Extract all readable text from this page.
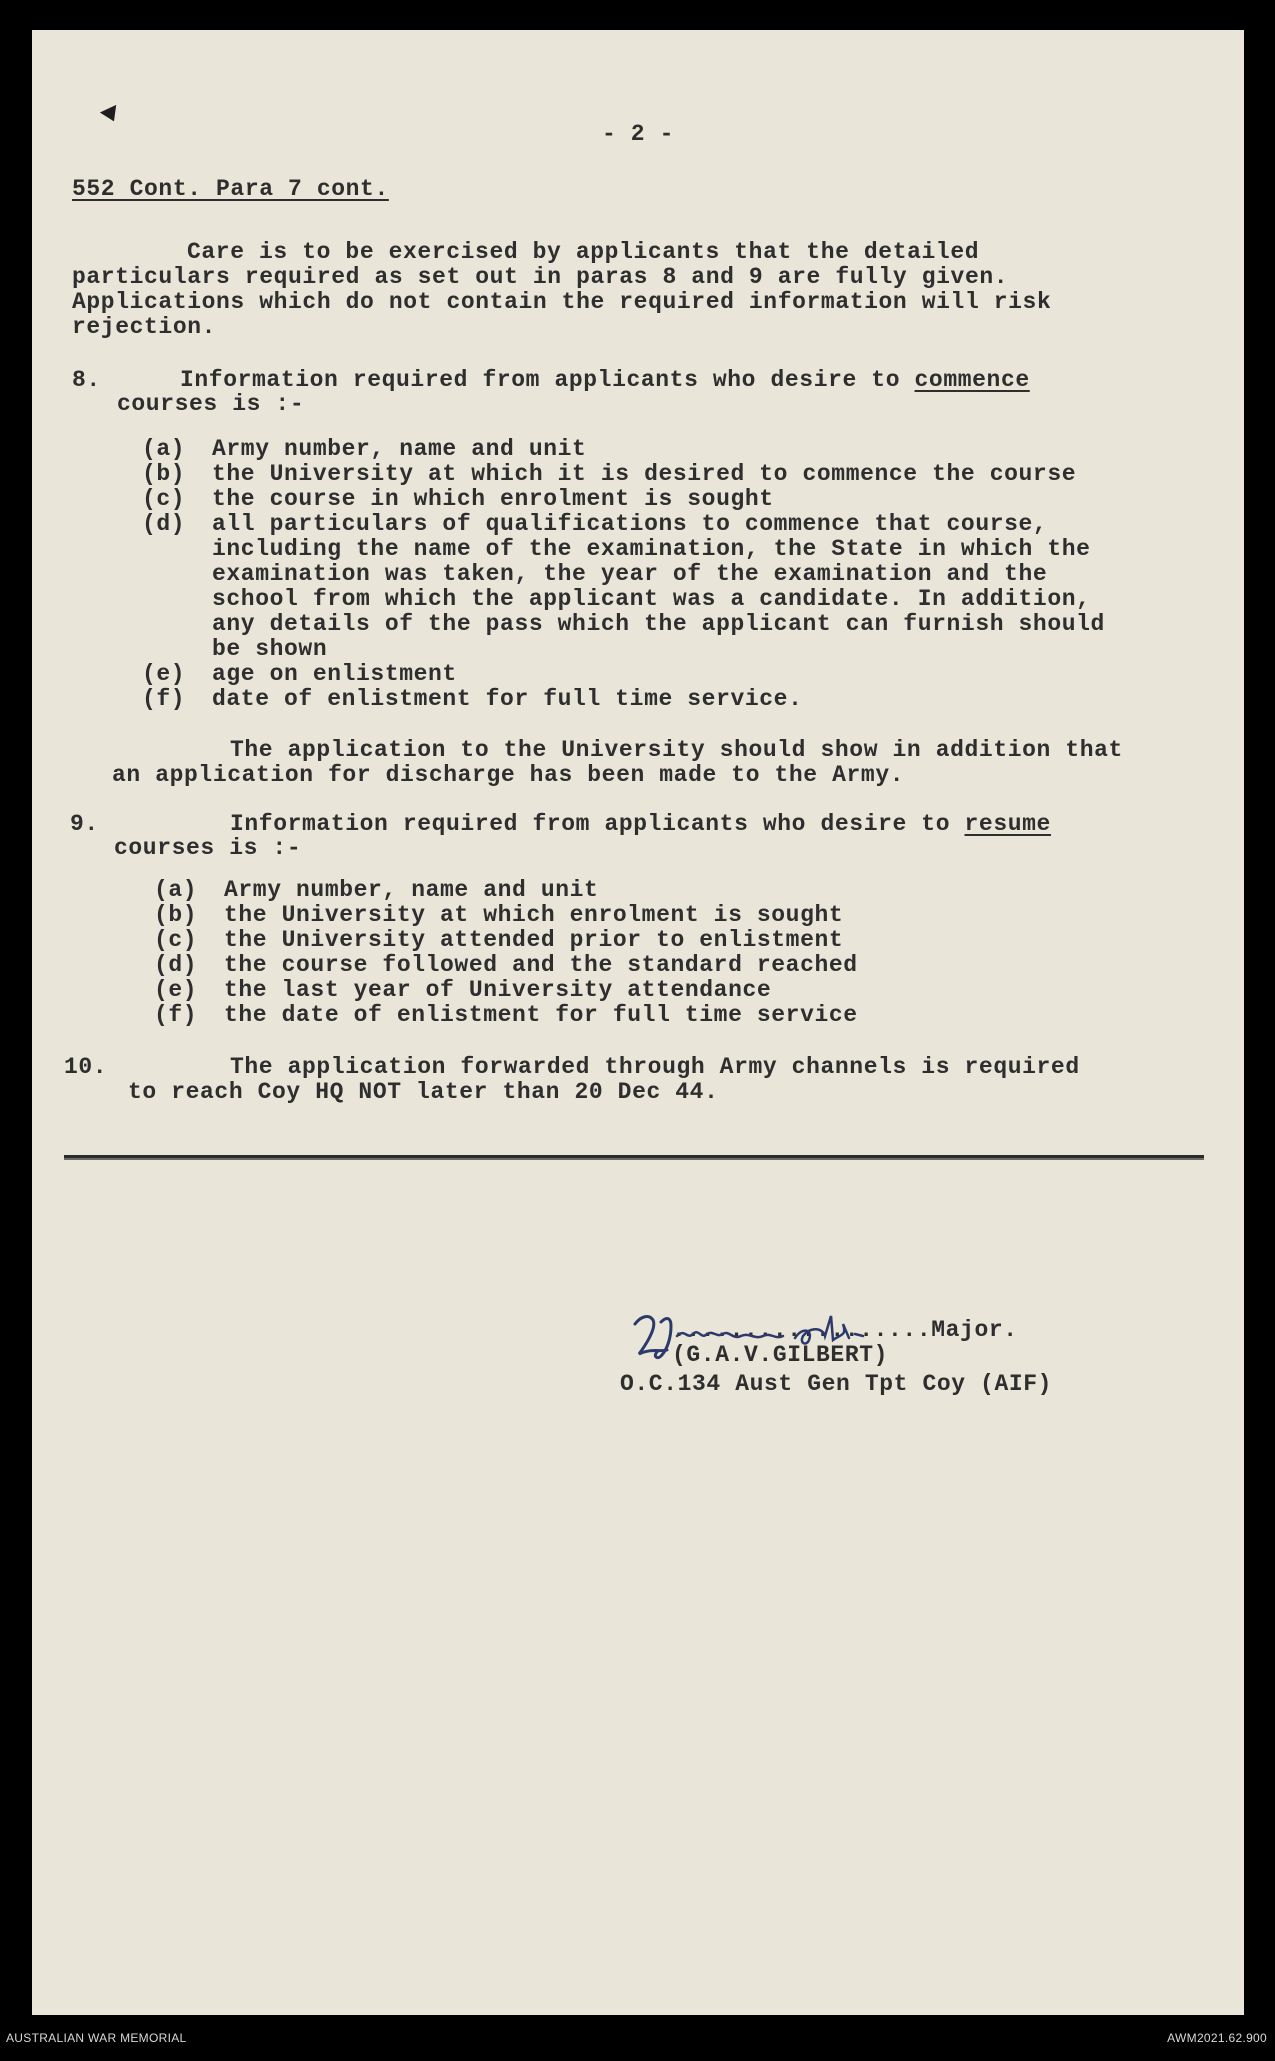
- 2 -
552 Cont. Para 7 cont.

Care is to be exercised by applicants that the detailed

particulars required as set out in paras 8 and 9 are fully given.

Applications which do not contain the required information will risk

rejection.

8.	Information required from applicants who desire to commence

courses is :-

(a)	Army number, name and unit
(b)	the University at which it is desired to commence the course
(c)	the course in which enrolment is sought
(d)	all particulars of qualifications to commence that course,
including the name of the examination, the State in which the
examination was taken, the year of the examination and the
school from which the applicant was a candidate. In addition,
any details of the pass which the applicant can furnish should
be shown
(e)	age on enlistment
(f)	date of enlistment for full time service.

The application to the University should show in addition that

an application for discharge has been made to the Army.

9.	Information required from applicants who desire to resume

courses is :-

(a)	Army number, name and unit
(b)	the University at which enrolment is sought
(c)	the University attended prior to enlistment
(d)	the course followed and the standard reached
(e)	the last year of University attendance
(f)	the date of enlistment for full time service
10.	The application forwarded through Army channels is required

to reach Coy HQ NOT later than 20 Dec 44.

..................Major.
(G.A.V.GILBERT)
O.C.134 Aust Gen Tpt Coy (AIF)
AUSTRALIAN WAR MEMORIAL	AWM2021.62.900
